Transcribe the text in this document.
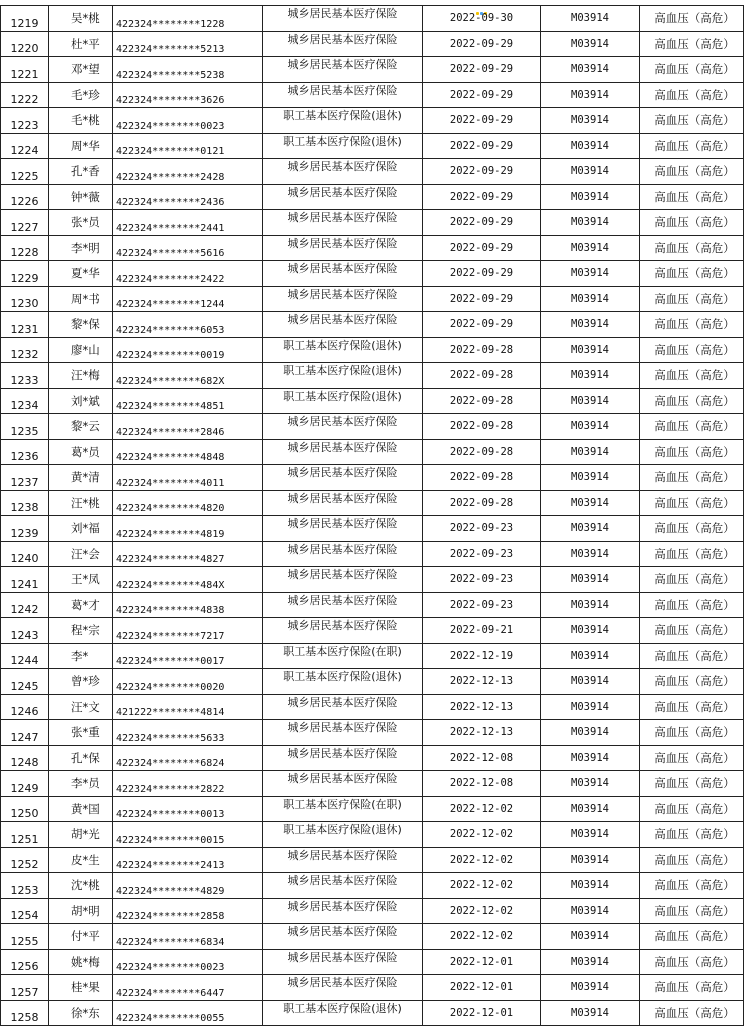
1219	吴*桃	422324********1228	城乡居民基本医疗保险	2022-09-30	M03914	高血压（高危）
1220	杜*平	422324********5213	城乡居民基本医疗保险	2022-09-29	M03914	高血压（高危）
1221	邓*望	422324********5238	城乡居民基本医疗保险	2022-09-29	M03914	高血压（高危）
1222	毛*珍	422324********3626	城乡居民基本医疗保险	2022-09-29	M03914	高血压（高危）
1223	毛*桃	422324********0023	职工基本医疗保险(退休)	2022-09-29	M03914	高血压（高危）
1224	周*华	422324********0121	职工基本医疗保险(退休)	2022-09-29	M03914	高血压（高危）
1225	孔*香	422324********2428	城乡居民基本医疗保险	2022-09-29	M03914	高血压（高危）
1226	钟*薇	422324********2436	城乡居民基本医疗保险	2022-09-29	M03914	高血压（高危）
1227	张*员	422324********2441	城乡居民基本医疗保险	2022-09-29	M03914	高血压（高危）
1228	李*明	422324********5616	城乡居民基本医疗保险	2022-09-29	M03914	高血压（高危）
1229	夏*华	422324********2422	城乡居民基本医疗保险	2022-09-29	M03914	高血压（高危）
1230	周*书	422324********1244	城乡居民基本医疗保险	2022-09-29	M03914	高血压（高危）
1231	黎*保	422324********6053	城乡居民基本医疗保险	2022-09-29	M03914	高血压（高危）
1232	廖*山	422324********0019	职工基本医疗保险(退休)	2022-09-28	M03914	高血压（高危）
1233	汪*梅	422324********682X	职工基本医疗保险(退休)	2022-09-28	M03914	高血压（高危）
1234	刘*斌	422324********4851	职工基本医疗保险(退休)	2022-09-28	M03914	高血压（高危）
1235	黎*云	422324********2846	城乡居民基本医疗保险	2022-09-28	M03914	高血压（高危）
1236	葛*员	422324********4848	城乡居民基本医疗保险	2022-09-28	M03914	高血压（高危）
1237	黄*清	422324********4011	城乡居民基本医疗保险	2022-09-28	M03914	高血压（高危）
1238	汪*桃	422324********4820	城乡居民基本医疗保险	2022-09-28	M03914	高血压（高危）
1239	刘*福	422324********4819	城乡居民基本医疗保险	2022-09-23	M03914	高血压（高危）
1240	汪*会	422324********4827	城乡居民基本医疗保险	2022-09-23	M03914	高血压（高危）
1241	王*凤	422324********484X	城乡居民基本医疗保险	2022-09-23	M03914	高血压（高危）
1242	葛*才	422324********4838	城乡居民基本医疗保险	2022-09-23	M03914	高血压（高危）
1243	程*宗	422324********7217	城乡居民基本医疗保险	2022-09-21	M03914	高血压（高危）
1244	李*	422324********0017	职工基本医疗保险(在职)	2022-12-19	M03914	高血压（高危）
1245	曾*珍	422324********0020	职工基本医疗保险(退休)	2022-12-13	M03914	高血压（高危）
1246	汪*文	421222********4814	城乡居民基本医疗保险	2022-12-13	M03914	高血压（高危）
1247	张*重	422324********5633	城乡居民基本医疗保险	2022-12-13	M03914	高血压（高危）
1248	孔*保	422324********6824	城乡居民基本医疗保险	2022-12-08	M03914	高血压（高危）
1249	李*员	422324********2822	城乡居民基本医疗保险	2022-12-08	M03914	高血压（高危）
1250	黄*国	422324********0013	职工基本医疗保险(在职)	2022-12-02	M03914	高血压（高危）
1251	胡*光	422324********0015	职工基本医疗保险(退休)	2022-12-02	M03914	高血压（高危）
1252	皮*生	422324********2413	城乡居民基本医疗保险	2022-12-02	M03914	高血压（高危）
1253	沈*桃	422324********4829	城乡居民基本医疗保险	2022-12-02	M03914	高血压（高危）
1254	胡*明	422324********2858	城乡居民基本医疗保险	2022-12-02	M03914	高血压（高危）
1255	付*平	422324********6834	城乡居民基本医疗保险	2022-12-02	M03914	高血压（高危）
1256	姚*梅	422324********0023	城乡居民基本医疗保险	2022-12-01	M03914	高血压（高危）
1257	桂*果	422324********6447	城乡居民基本医疗保险	2022-12-01	M03914	高血压（高危）
1258	徐*东	422324********0055	职工基本医疗保险(退休)	2022-12-01	M03914	高血压（高危）
